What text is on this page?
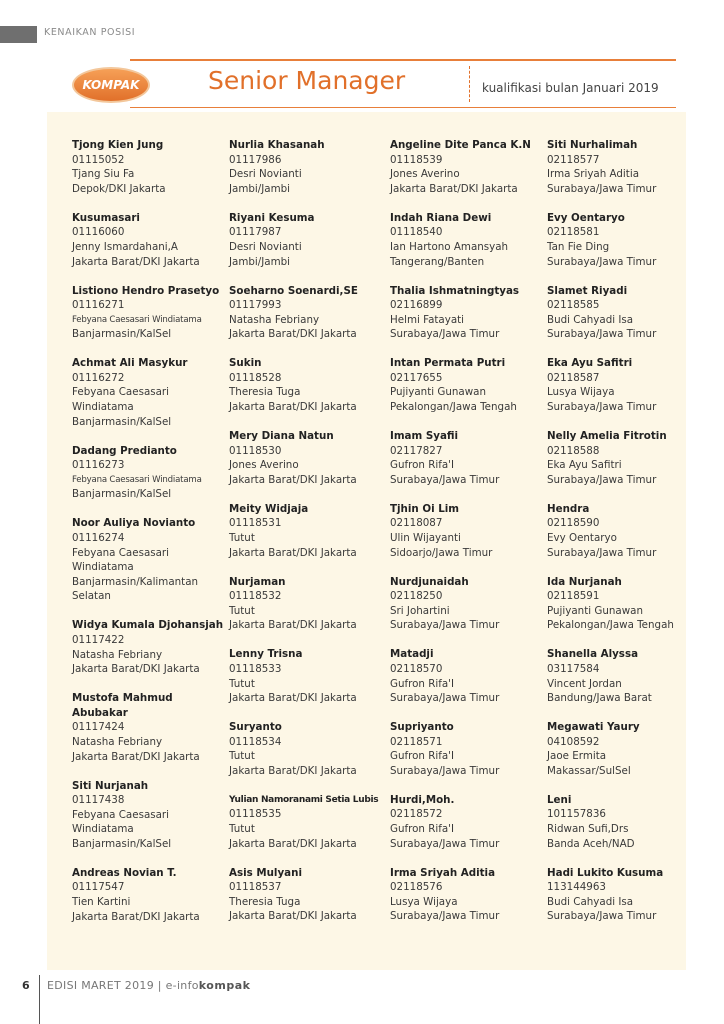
KENAIKAN POSISI
KOMPAK	Senior Manager	kualifikasi bulan Januari 2019
Tjong Kien Jung
01115052
Tjang Siu Fa
Depok/DKI Jakarta
Kusumasari
01116060
Jenny Ismardahani,A
Jakarta Barat/DKI Jakarta
Listiono Hendro Prasetyo
01116271
Febyana Caesasari Windiatama
Banjarmasin/KalSel
Achmat Ali Masykur
01116272
Febyana Caesasari
Windiatama
Banjarmasin/KalSel
Dadang Predianto
01116273
Febyana Caesasari Windiatama
Banjarmasin/KalSel
Noor Auliya Novianto
01116274
Febyana Caesasari
Windiatama
Banjarmasin/Kalimantan
Selatan
Widya Kumala Djohansjah
01117422
Natasha Febriany
Jakarta Barat/DKI Jakarta
Mustofa Mahmud Abubakar
01117424
Natasha Febriany
Jakarta Barat/DKI Jakarta
Siti Nurjanah
01117438
Febyana Caesasari
Windiatama
Banjarmasin/KalSel
Andreas Novian T.
01117547
Tien Kartini
Jakarta Barat/DKI Jakarta
Nurlia Khasanah
01117986
Desri Novianti
Jambi/Jambi
Riyani Kesuma
01117987
Desri Novianti
Jambi/Jambi
Soeharno Soenardi,SE
01117993
Natasha Febriany
Jakarta Barat/DKI Jakarta
Sukin
01118528
Theresia Tuga
Jakarta Barat/DKI Jakarta
Mery Diana Natun
01118530
Jones Averino
Jakarta Barat/DKI Jakarta
Meity Widjaja
01118531
Tutut
Jakarta Barat/DKI Jakarta
Nurjaman
01118532
Tutut
Jakarta Barat/DKI Jakarta
Lenny Trisna
01118533
Tutut
Jakarta Barat/DKI Jakarta
Suryanto
01118534
Tutut
Jakarta Barat/DKI Jakarta
Yulian Namoranami Setia Lubis
01118535
Tutut
Jakarta Barat/DKI Jakarta
Asis Mulyani
01118537
Theresia Tuga
Jakarta Barat/DKI Jakarta
Angeline Dite Panca K.N
01118539
Jones Averino
Jakarta Barat/DKI Jakarta
Indah Riana Dewi
01118540
Ian Hartono Amansyah
Tangerang/Banten
Thalia Ishmatningtyas
02116899
Helmi Fatayati
Surabaya/Jawa Timur
Intan Permata Putri
02117655
Pujiyanti Gunawan
Pekalongan/Jawa Tengah
Imam Syafii
02117827
Gufron Rifa'I
Surabaya/Jawa Timur
Tjhin Oi Lim
02118087
Ulin Wijayanti
Sidoarjo/Jawa Timur
Nurdjunaidah
02118250
Sri Johartini
Surabaya/Jawa Timur
Matadji
02118570
Gufron Rifa'I
Surabaya/Jawa Timur
Supriyanto
02118571
Gufron Rifa'I
Surabaya/Jawa Timur
Hurdi,Moh.
02118572
Gufron Rifa'I
Surabaya/Jawa Timur
Irma Sriyah Aditia
02118576
Lusya Wijaya
Surabaya/Jawa Timur
Siti Nurhalimah
02118577
Irma Sriyah Aditia
Surabaya/Jawa Timur
Evy Oentaryo
02118581
Tan Fie Ding
Surabaya/Jawa Timur
Slamet Riyadi
02118585
Budi Cahyadi Isa
Surabaya/Jawa Timur
Eka Ayu Safitri
02118587
Lusya Wijaya
Surabaya/Jawa Timur
Nelly Amelia Fitrotin
02118588
Eka Ayu Safitri
Surabaya/Jawa Timur
Hendra
02118590
Evy Oentaryo
Surabaya/Jawa Timur
Ida Nurjanah
02118591
Pujiyanti Gunawan
Pekalongan/Jawa Tengah
Shanella Alyssa
03117584
Vincent Jordan
Bandung/Jawa Barat
Megawati Yaury
04108592
Jaoe Ermita
Makassar/SulSel
Leni
101157836
Ridwan Sufi,Drs
Banda Aceh/NAD
Hadi Lukito Kusuma
113144963
Budi Cahyadi Isa
Surabaya/Jawa Timur
6 EDISI MARET 2019 | e-infokompak
